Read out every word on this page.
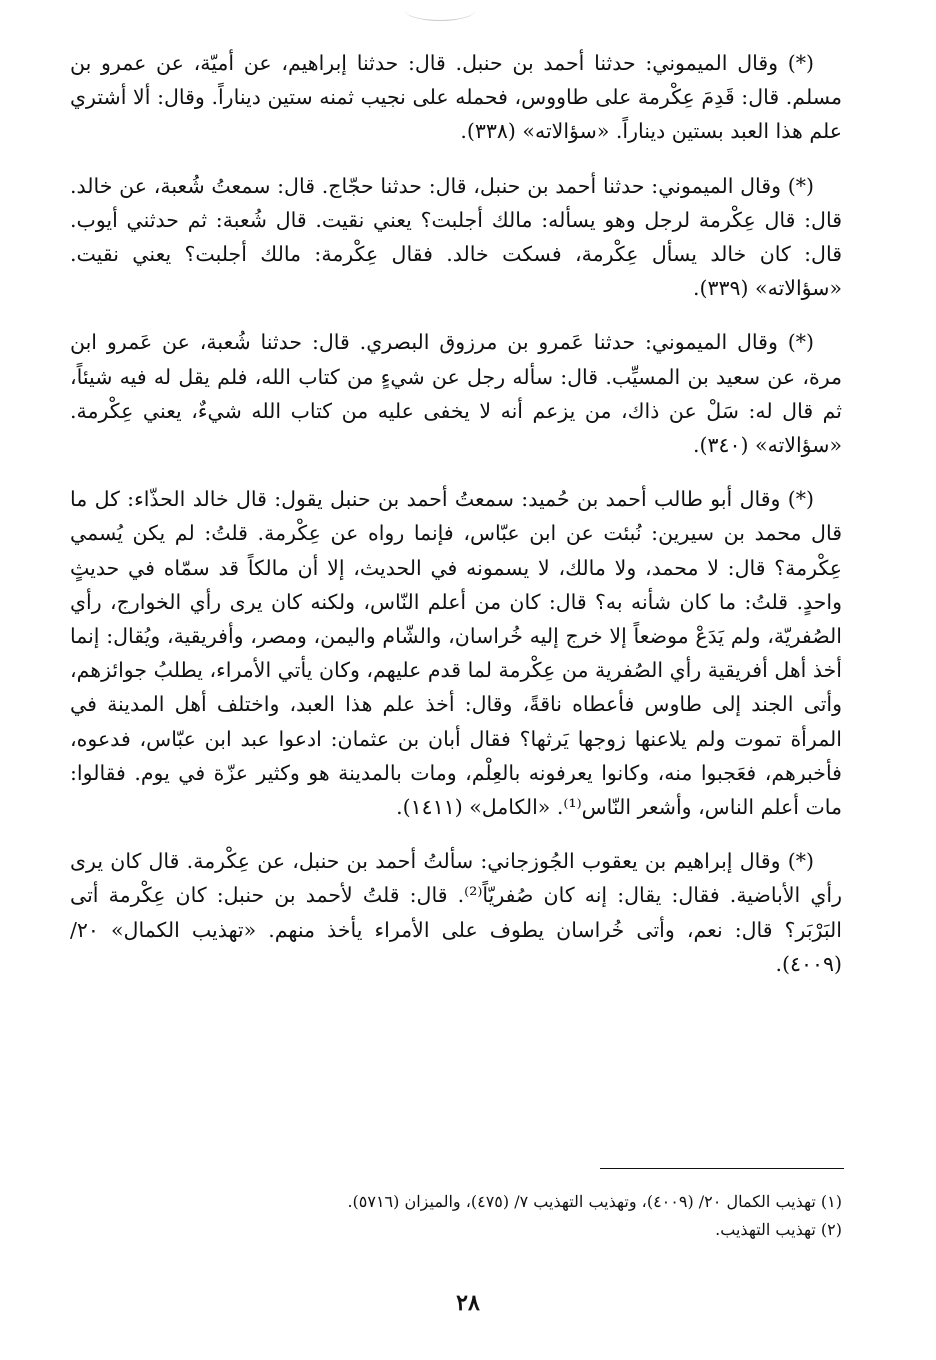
(*) وقال الميموني: حدثنا أحمد بن حنبل. قال: حدثنا إبراهيم، عن أميّة، عن عمرو بن مسلم. قال: قَدِمَ عِكْرمة على طاووس، فحمله على نجيب ثمنه ستين ديناراً. وقال: ألا أشتري علم هذا العبد بستين ديناراً. «سؤالاته» (٣٣٨).

(*) وقال الميموني: حدثنا أحمد بن حنبل، قال: حدثنا حجّاج. قال: سمعتُ شُعبة، عن خالد. قال: قال عِكْرمة لرجل وهو يسأله: مالك أجلبت؟ يعني نقيت. قال شُعبة: ثم حدثني أيوب. قال: كان خالد يسأل عِكْرمة، فسكت خالد. فقال عِكْرمة: مالك أجلبت؟ يعني نقيت. «سؤالاته» (٣٣٩).

(*) وقال الميموني: حدثنا عَمرو بن مرزوق البصري. قال: حدثنا شُعبة، عن عَمرو ابن مرة، عن سعيد بن المسيِّب. قال: سأله رجل عن شيءٍ من كتاب الله، فلم يقل له فيه شيئاً، ثم قال له: سَلْ عن ذاك، من يزعم أنه لا يخفى عليه من كتاب الله شيءٌ، يعني عِكْرمة. «سؤالاته» (٣٤٠).

(*) وقال أبو طالب أحمد بن حُميد: سمعتُ أحمد بن حنبل يقول: قال خالد الحذّاء: كل ما قال محمد بن سيرين: نُبئت عن ابن عبّاس، فإنما رواه عن عِكْرمة. قلتُ: لم يكن يُسمي عِكْرمة؟ قال: لا محمد، ولا مالك، لا يسمونه في الحديث، إلا أن مالكاً قد سمّاه في حديثٍ واحدٍ. قلتُ: ما كان شأنه به؟ قال: كان من أعلم النّاس، ولكنه كان يرى رأي الخوارج، رأي الصُفريّة، ولم يَدَعْ موضعاً إلا خرج إليه خُراسان، والشّام واليمن، ومصر، وأفريقية، ويُقال: إنما أخذ أهل أفريقية رأي الصُفرية من عِكْرمة لما قدم عليهم، وكان يأتي الأمراء، يطلبُ جوائزهم، وأتى الجند إلى طاوس فأعطاه ناقةً، وقال: أخذ علم هذا العبد، واختلف أهل المدينة في المرأة تموت ولم يلاعنها زوجها يَرثها؟ فقال أبان بن عثمان: ادعوا عبد ابن عبّاس، فدعوه، فأخبرهم، فعَجبوا منه، وكانوا يعرفونه بالعِلْم، ومات بالمدينة هو وكثير عزّة في يوم. فقالوا: مات أعلم الناس، وأشعر النّاس⁽¹⁾. «الكامل» (١٤١١).

(*) وقال إبراهيم بن يعقوب الجُوزجاني: سألتُ أحمد بن حنبل، عن عِكْرمة. قال كان يرى رأي الأباضية. فقال: يقال: إنه كان صُفريّاً⁽²⁾. قال: قلتُ لأحمد بن حنبل: كان عِكْرمة أتى البَرْبَر؟ قال: نعم، وأتى خُراسان يطوف على الأمراء يأخذ منهم. «تهذيب الكمال» ٢٠/ (٤٠٠٩).

(١) تهذيب الكمال ٢٠/ (٤٠٠٩)، وتهذيب التهذيب ٧/ (٤٧٥)، والميزان (٥٧١٦).

(٢) تهذيب التهذيب.

٢٨
